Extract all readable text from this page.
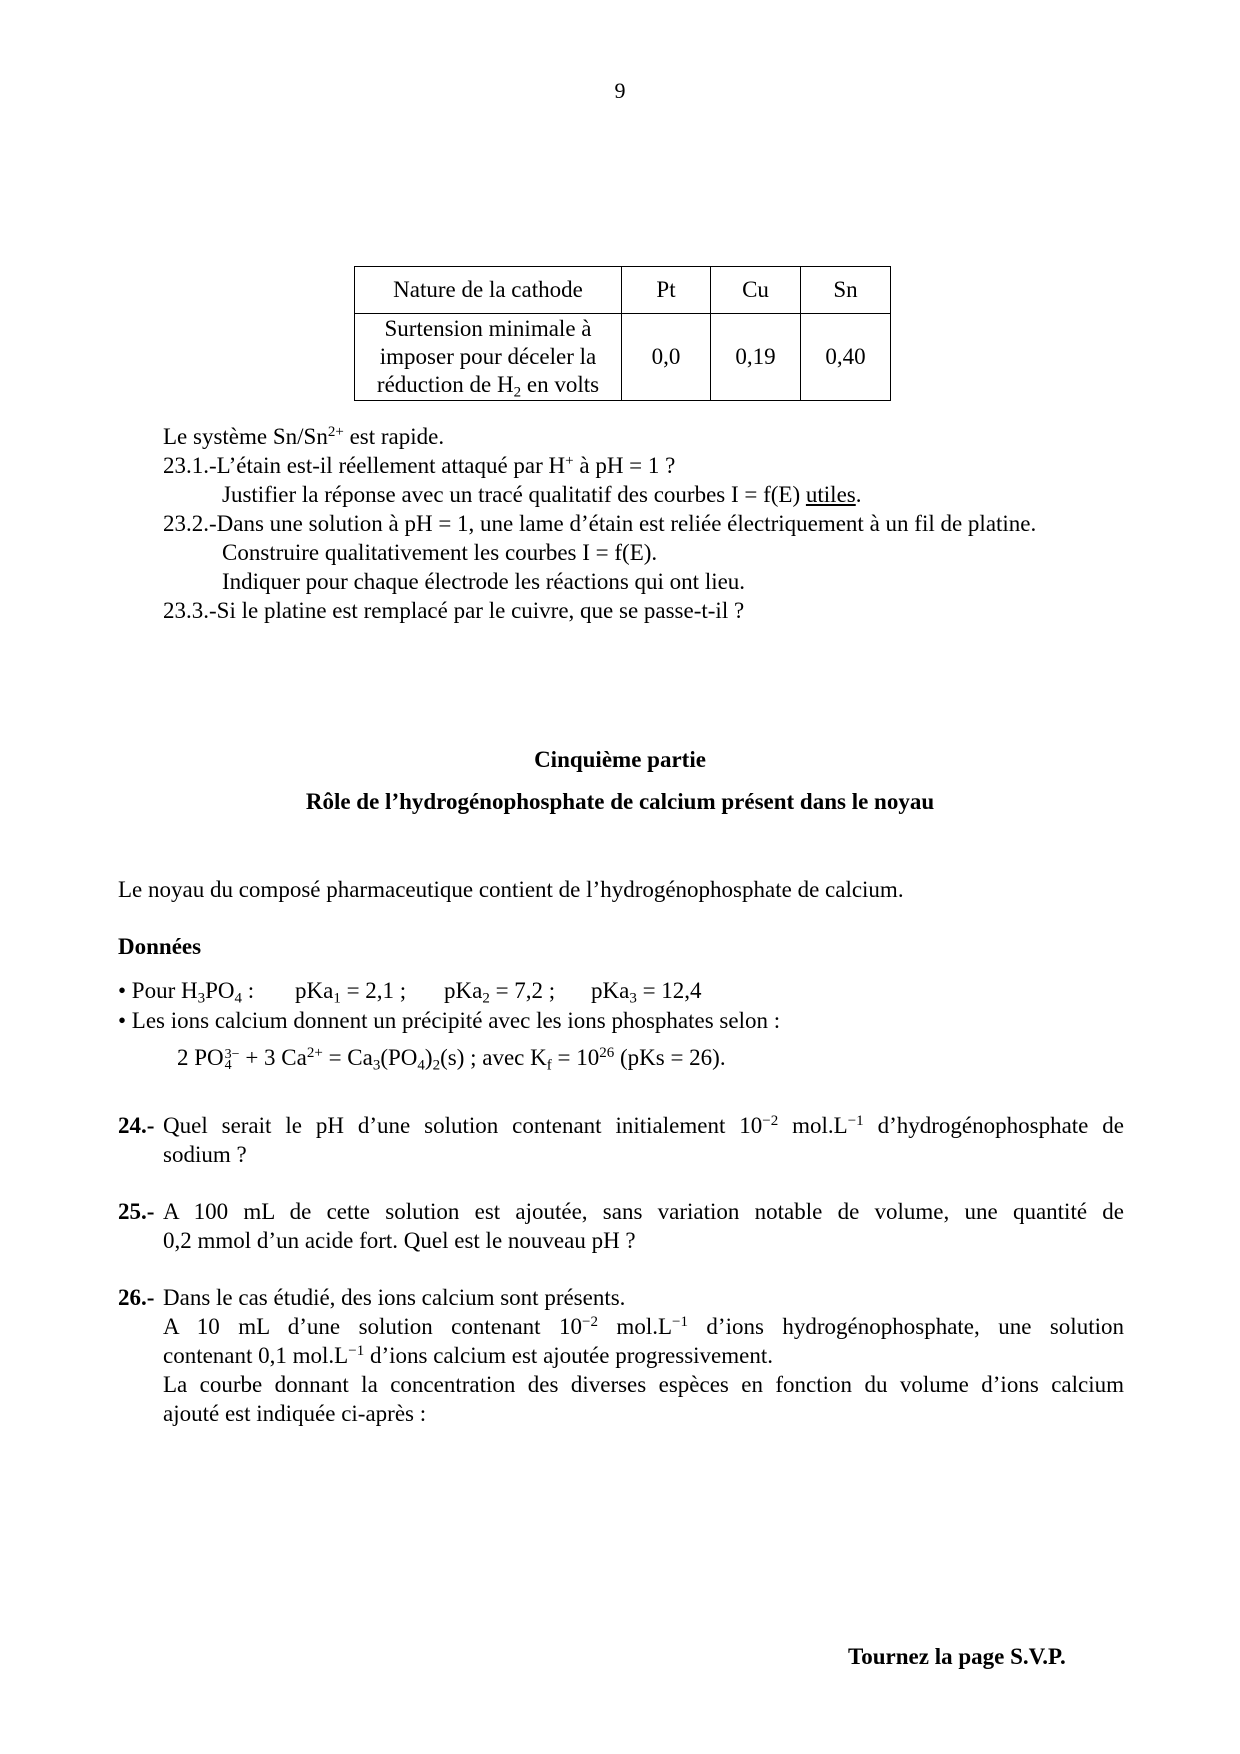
9
Nature de la cathode	Pt	Cu	Sn
Surtension minimale à
imposer pour déceler la
réduction de $H_2$ en volts	0,0	0,19	0,40
Le système $Sn/Sn^{2+}$ est rapide.
23.1.-L’étain est-il réellement attaqué par H+ à pH = 1 ?
Justifier la réponse avec un tracé qualitatif des courbes I = f(E) utiles.
23.2.-Dans une solution à pH = 1, une lame d’étain est reliée électriquement à un fil de platine.
Construire qualitativement les courbes I = f(E).
Indiquer pour chaque électrode les réactions qui ont lieu.
23.3.-Si le platine est remplacé par le cuivre, que se passe-t-il ?
Cinquième partie
Rôle de l’hydrogénophosphate de calcium présent dans le noyau
Le noyau du composé pharmaceutique contient de l’hydrogénophosphate de calcium.
Données
• Pour $H_3PO_4$ : pKa$_1$ = 2,1 ; pKa$_2$ = 7,2 ; pKa$_3$ = 12,4
• Les ions calcium donnent un précipité avec les ions phosphates selon :
2 PO 3−
4 + 3 $Ca^{2+} = Ca_3(PO_4)_2(s)$ ; avec $K_f = 10^{26}$ (pKs = 26).
24.- Quel serait le pH d’une solution contenant initialement $10^{-2}$ $mol.L^{-1}$ d’hydrogénophosphate de
sodium ?
25.- A 100 mL de cette solution est ajoutée, sans variation notable de volume, une quantité de
0,2 mmol d’un acide fort. Quel est le nouveau pH ?
26.- Dans le cas étudié, des ions calcium sont présents.
A 10 mL d’une solution contenant $10^{-2}$ $mol.L^{-1}$ d’ions hydrogénophosphate, une solution
contenant 0,1 $mol.L^{-1}$ d’ions calcium est ajoutée progressivement.
La courbe donnant la concentration des diverses espèces en fonction du volume d’ions calcium
ajouté est indiquée ci-après :
Tournez la page S.V.P.
